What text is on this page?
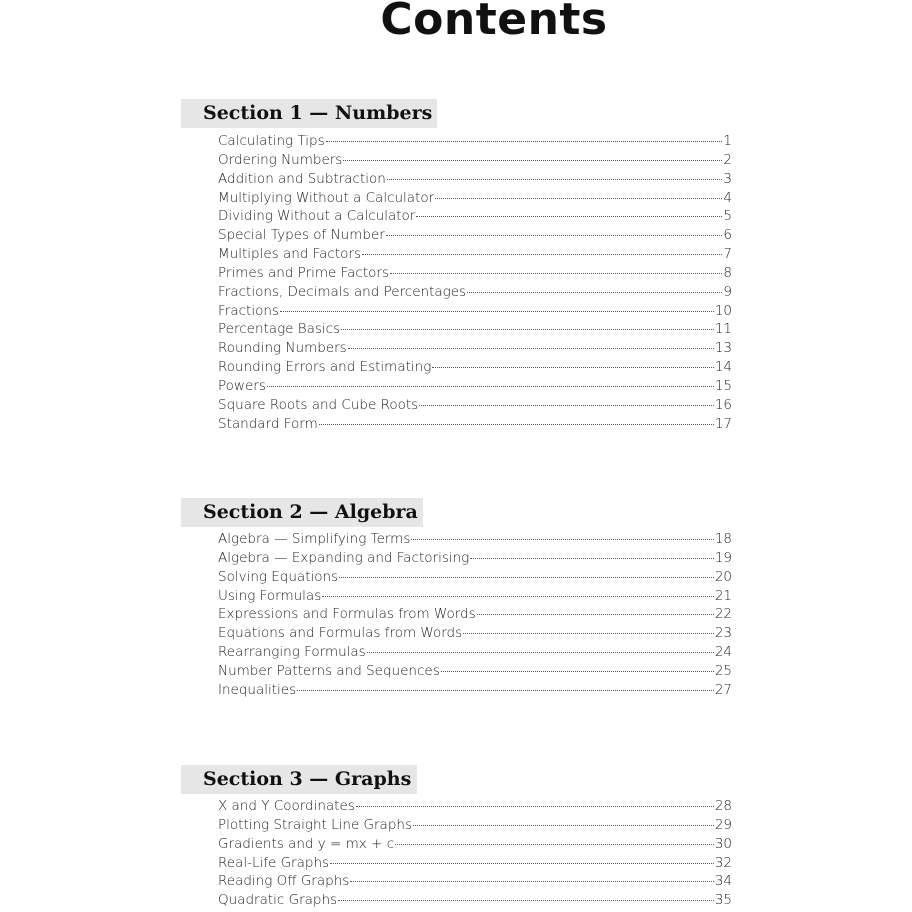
Contents
Section 1 — Numbers
Calculating Tips	1
Ordering Numbers	2
Addition and Subtraction	3
Multiplying Without a Calculator	4
Dividing Without a Calculator	5
Special Types of Number	6
Multiples and Factors	7
Primes and Prime Factors	8
Fractions, Decimals and Percentages	9
Fractions	10
Percentage Basics	11
Rounding Numbers	13
Rounding Errors and Estimating	14
Powers	15
Square Roots and Cube Roots	16
Standard Form	17
Section 2 — Algebra
Algebra — Simplifying Terms	18
Algebra — Expanding and Factorising	19
Solving Equations	20
Using Formulas	21
Expressions and Formulas from Words	22
Equations and Formulas from Words	23
Rearranging Formulas	24
Number Patterns and Sequences	25
Inequalities	27
Section 3 — Graphs
X and Y Coordinates	28
Plotting Straight Line Graphs	29
Gradients and y = mx + c	30
Real-Life Graphs	32
Reading Off Graphs	34
Quadratic Graphs	35
